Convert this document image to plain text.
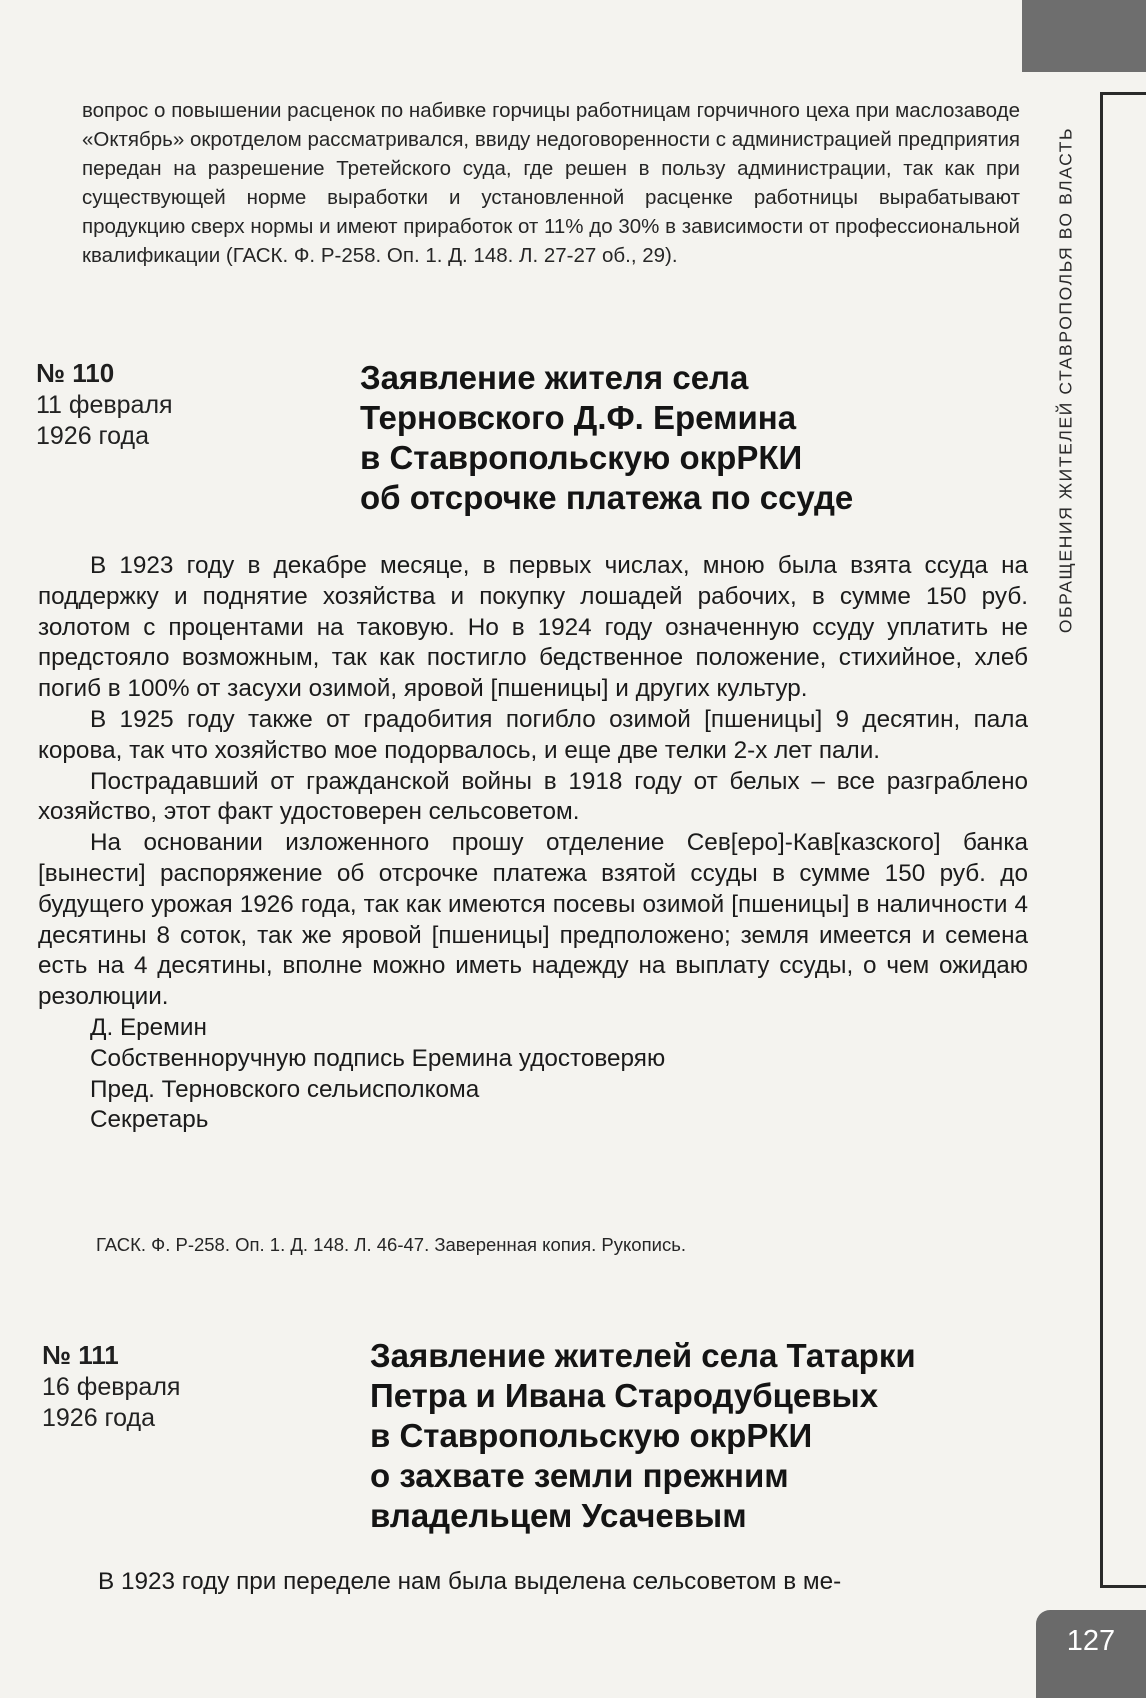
ОБРАЩЕНИЯ ЖИТЕЛЕЙ СТАВРОПОЛЬЯ ВО ВЛАСТЬ

вопрос о повышении расценок по набивке горчицы работницам горчичного цеха при маслозаводе «Октябрь» окротделом рассматривался, ввиду недоговоренности с администрацией предприятия передан на разрешение Третейского суда, где решен в пользу администрации, так как при существующей норме выработки и установленной расценке работницы вырабатывают продукцию сверх нормы и имеют приработок от 11% до 30% в зависимости от профессиональной квалификации (ГАСК. Ф. Р-258. Оп. 1. Д. 148. Л. 27-27 об., 29).

№ 110
11 февраля
1926 года
Заявление жителя села
Терновского Д.Ф. Еремина
в Ставропольскую окрРКИ
об отсрочке платежа по ссуде

В 1923 году в декабре месяце, в первых числах, мною была взята ссуда на поддержку и поднятие хозяйства и покупку лошадей рабочих, в сумме 150 руб. золотом с процентами на таковую. Но в 1924 году означенную ссуду уплатить не предстояло возможным, так как постигло бедственное положение, стихийное, хлеб погиб в 100% от засухи озимой, яровой [пшеницы] и других культур.

В 1925 году также от градобития погибло озимой [пшеницы] 9 десятин, пала корова, так что хозяйство мое подорвалось, и еще две телки 2-х лет пали.

Пострадавший от гражданской войны в 1918 году от белых – все разграблено хозяйство, этот факт удостоверен сельсоветом.

На основании изложенного прошу отделение Сев[еро]-Кав[казского] банка [вынести] распоряжение об отсрочке платежа взятой ссуды в сумме 150 руб. до будущего урожая 1926 года, так как имеются посевы озимой [пшеницы] в наличности 4 десятины 8 соток, так же яровой [пшеницы] предположено; земля имеется и семена есть на 4 десятины, вполне можно иметь надежду на выплату ссуды, о чем ожидаю резолюции.

Д. Еремин
Собственноручную подпись Еремина удостоверяю
Пред. Терновского сельисполкома
Секретарь
ГАСК. Ф. Р-258. Оп. 1. Д. 148. Л. 46-47. Заверенная копия. Рукопись.
№ 111
16 февраля
1926 года
Заявление жителей села Татарки
Петра и Ивана Стародубцевых
в Ставропольскую окрРКИ
о захвате земли прежним
владельцем Усачевым
В 1923 году при переделе нам была выделена сельсоветом в ме-
127
